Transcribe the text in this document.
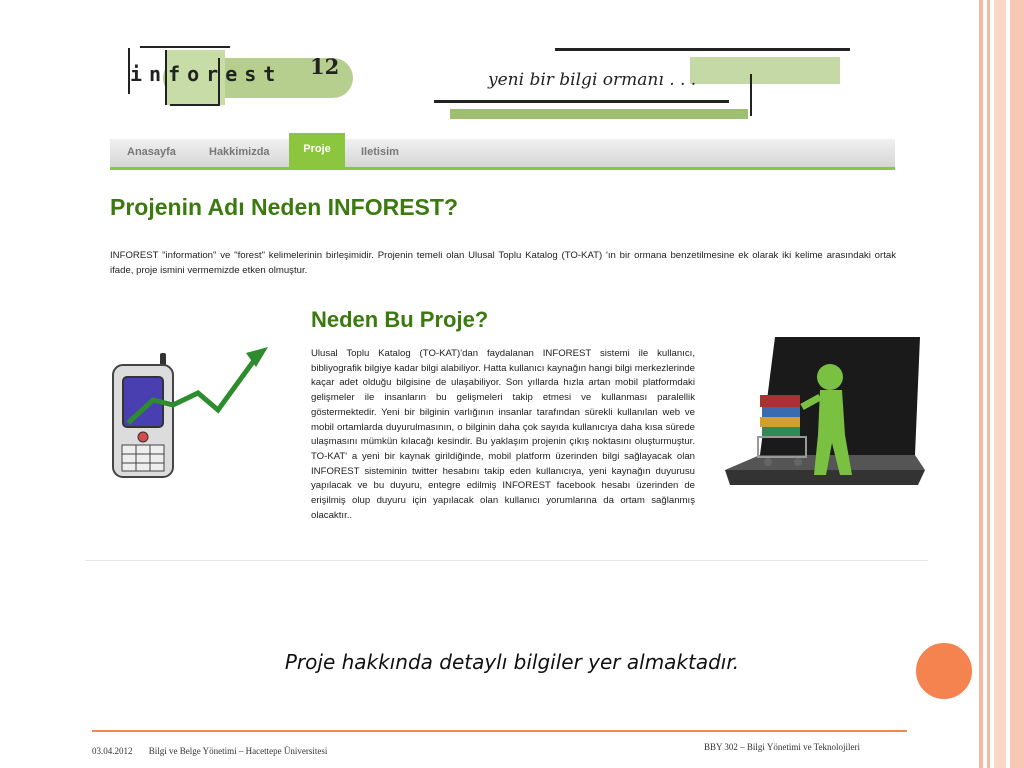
inforest 12
yeni bir bilgi ormanı . . .
Anasayfa	Hakkimizda	Iletisim
Proje
Projenin Adı Neden INFOREST?
INFOREST "information" ve "forest" kelimelerinin birleşimidir. Projenin temeli olan Ulusal Toplu Katalog (TO-KAT) 'ın bir ormana benzetilmesine ek olarak iki kelime arasındaki ortak ifade, proje ismini vermemizde etken olmuştur.
Neden Bu Proje?
Ulusal Toplu Katalog (TO-KAT)'dan faydalanan INFOREST sistemi ile kullanıcı, bibliyografik bilgiye kadar bilgi alabiliyor. Hatta kullanıcı kaynağın hangi bilgi merkezlerinde kaçar adet olduğu bilgisine de ulaşabiliyor. Son yıllarda hızla artan mobil platformdaki gelişmeler ile insanların bu gelişmeleri takip etmesi ve kullanması paralellik göstermektedir. Yeni bir bilginin varlığının insanlar tarafından sürekli kullanılan web ve mobil ortamlarda duyurulmasının, o bilginin daha çok sayıda kullanıcıya daha kısa sürede ulaşmasını mümkün kılacağı kesindir. Bu yaklaşım projenin çıkış noktasını oluşturmuştur. TO-KAT' a yeni bir kaynak girildiğinde, mobil platform üzerinden bilgi sağlayacak olan INFOREST sisteminin twitter hesabını takip eden kullanıcıya, yeni kaynağın duyurusu yapılacak ve bu duyuru, entegre edilmiş INFOREST facebook hesabı üzerinden de erişilmiş olup duyuru için yapılacak olan kullanıcı yorumlarına da ortam sağlanmış olacaktır..
Proje hakkında detaylı bilgiler yer almaktadır.
03.04.2012 Bilgi ve Belge Yönetimi – Hacettepe Üniversitesi	BBY 302 – Bilgi Yönetimi ve Teknolojileri
